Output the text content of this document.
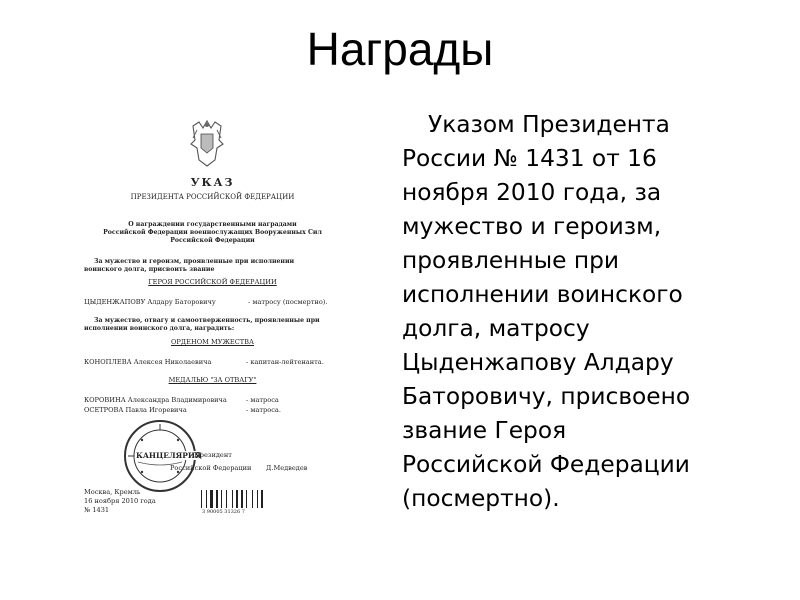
Награды
Указом Президента
России № 1431 от 16
ноября 2010 года, за
мужество и героизм,
проявленные при
исполнении воинского
долга, матросу
Цыденжапову Алдару
Баторовичу, присвоено
звание Героя
Российской Федерации
(посмертно).
УКАЗ
ПРЕЗИДЕНТА РОССИЙСКОЙ ФЕДЕРАЦИИ
О награждении государственными наградами
Российской Федерации военнослужащих Вооруженных Сил
Российской Федерации
За мужество и героизм, проявленные при исполнении
воинского долга, присвоить звание
ГЕРОЯ РОССИЙСКОЙ ФЕДЕРАЦИИ
ЦЫДЕНЖАПОВУ Алдару Баторовичу	- матросу (посмертно).
За мужество, отвагу и самоотверженность, проявленные при
исполнении воинского долга, наградить:
ОРДЕНОМ МУЖЕСТВА
КОНОПЛЕВА Алексея Николаевича	- капитан-лейтенанта.
МЕДАЛЬЮ "ЗА ОТВАГУ"
КОРОВИНА Александра Владимировича	- матроса
ОСЕТРОВА Павла Игоревича	- матроса.
КАНЦЕЛЯРИЯ
Президент
Российской Федерации Д.Медведев
Москва, Кремль
16 ноября 2010 года
№ 1431	3 90005 31326 7
